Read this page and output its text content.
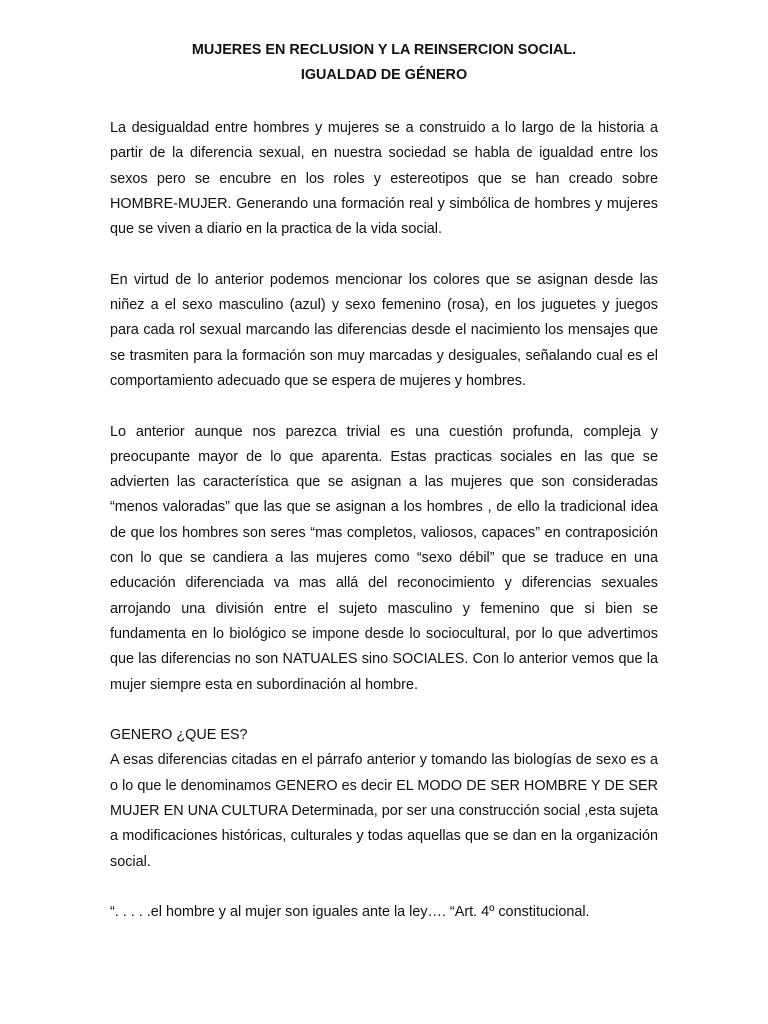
MUJERES EN RECLUSION Y LA REINSERCION SOCIAL.

IGUALDAD DE GÉNERO

La desigualdad entre hombres y mujeres se a construido a lo largo de la historia a partir de la diferencia sexual, en nuestra sociedad se habla de igualdad entre los sexos pero se encubre en los roles y estereotipos que se han creado sobre HOMBRE-MUJER. Generando una formación real y simbólica de hombres y mujeres que se viven a diario en la practica de la vida social.

En virtud de lo anterior podemos mencionar los colores que se asignan desde las niñez a el sexo masculino (azul) y sexo femenino (rosa), en los juguetes y juegos para cada rol sexual marcando las diferencias desde el nacimiento los mensajes que se trasmiten para la formación son muy marcadas y desiguales, señalando cual es el comportamiento adecuado que se espera de mujeres y hombres.

Lo anterior aunque nos parezca trivial es una cuestión profunda, compleja y preocupante mayor de lo que aparenta. Estas practicas sociales en las que se advierten las característica que se asignan a las mujeres que son consideradas “menos valoradas” que las que se asignan a los hombres , de ello la tradicional idea de que los hombres son seres “mas completos, valiosos, capaces” en contraposición con lo que se candiera a las mujeres como “sexo débil” que se traduce en una educación diferenciada va mas allá del reconocimiento y diferencias sexuales arrojando una división entre el sujeto masculino y femenino que si bien se fundamenta en lo biológico se impone desde lo sociocultural, por lo que advertimos que las diferencias no son NATUALES sino SOCIALES. Con lo anterior vemos que la mujer siempre esta en subordinación al hombre.

GENERO ¿QUE ES?

A esas diferencias citadas en el párrafo anterior y tomando las biologías de sexo es a o lo que le denominamos GENERO es decir EL MODO DE SER HOMBRE Y DE SER MUJER EN UNA CULTURA Determinada, por ser una construcción social ,esta sujeta a modificaciones históricas, culturales y todas aquellas que se dan en la organización social.

“. . . . .el hombre y al mujer son iguales ante la ley…. “Art. 4º constitucional.
